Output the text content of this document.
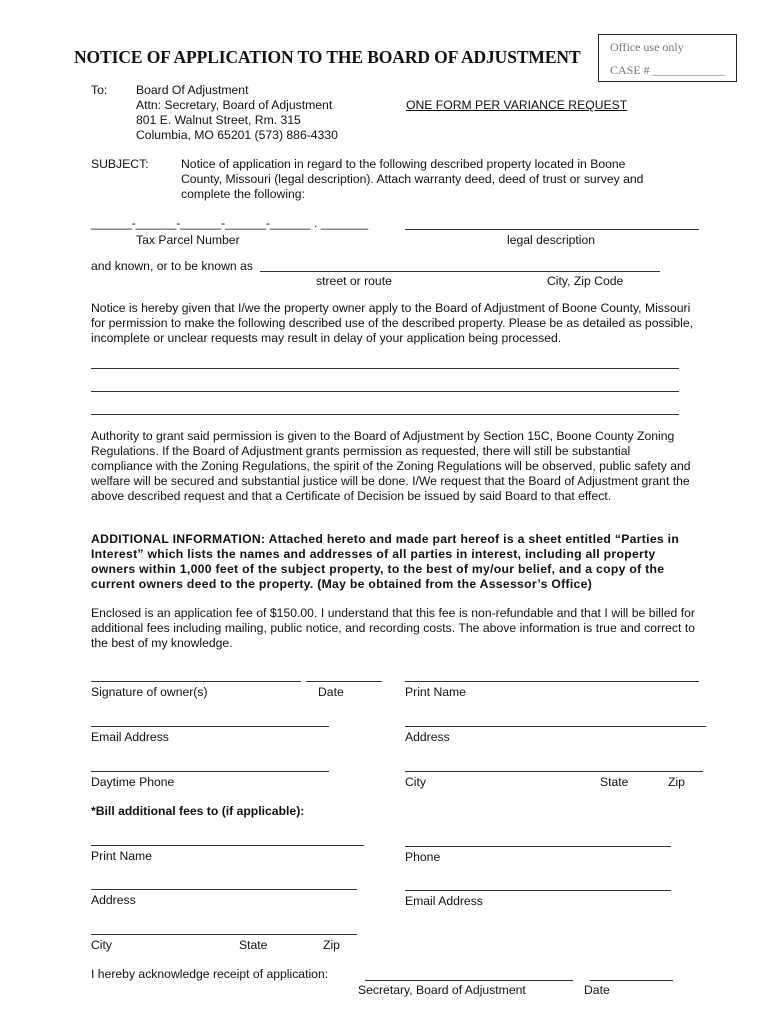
NOTICE OF APPLICATION TO THE BOARD OF ADJUSTMENT Office use only
CASE # ____________
To: Board Of Adjustment
Attn: Secretary, Board of Adjustment
801 E. Walnut Street, Rm. 315
Columbia, MO 65201 (573) 886-4330
ONE FORM PER VARIANCE REQUEST
SUBJECT:	Notice of application in regard to the following described property located in Boone County, Missouri (legal description). Attach warranty deed, deed of trust or survey and complete the following:
______-______-______-______-______ . _______
Tax Parcel Number	legal description
and known, or to be known as
street or route	City, Zip Code
Notice is hereby given that I/we the property owner apply to the Board of Adjustment of Boone County, Missouri for permission to make the following described use of the described property. Please be as detailed as possible, incomplete or unclear requests may result in delay of your application being processed.
Authority to grant said permission is given to the Board of Adjustment by Section 15C, Boone County Zoning Regulations. If the Board of Adjustment grants permission as requested, there will still be substantial compliance with the Zoning Regulations, the spirit of the Zoning Regulations will be observed, public safety and welfare will be secured and substantial justice will be done. I/We request that the Board of Adjustment grant the above described request and that a Certificate of Decision be issued by said Board to that effect.
ADDITIONAL INFORMATION: Attached hereto and made part hereof is a sheet entitled “Parties in Interest” which lists the names and addresses of all parties in interest, including all property owners within 1,000 feet of the subject property, to the best of my/our belief, and a copy of the current owners deed to the property. (May be obtained from the Assessor’s Office)
Enclosed is an application fee of $150.00. I understand that this fee is non-refundable and that I will be billed for additional fees including mailing, public notice, and recording costs. The above information is true and correct to the best of my knowledge.
Signature of owner(s)	Date	Print Name
Email Address	Address
Daytime Phone	City	State	Zip
*Bill additional fees to (if applicable):
Print Name	Phone
Address	Email Address
City	State	Zip
I hereby acknowledge receipt of application:
Secretary, Board of Adjustment	Date
